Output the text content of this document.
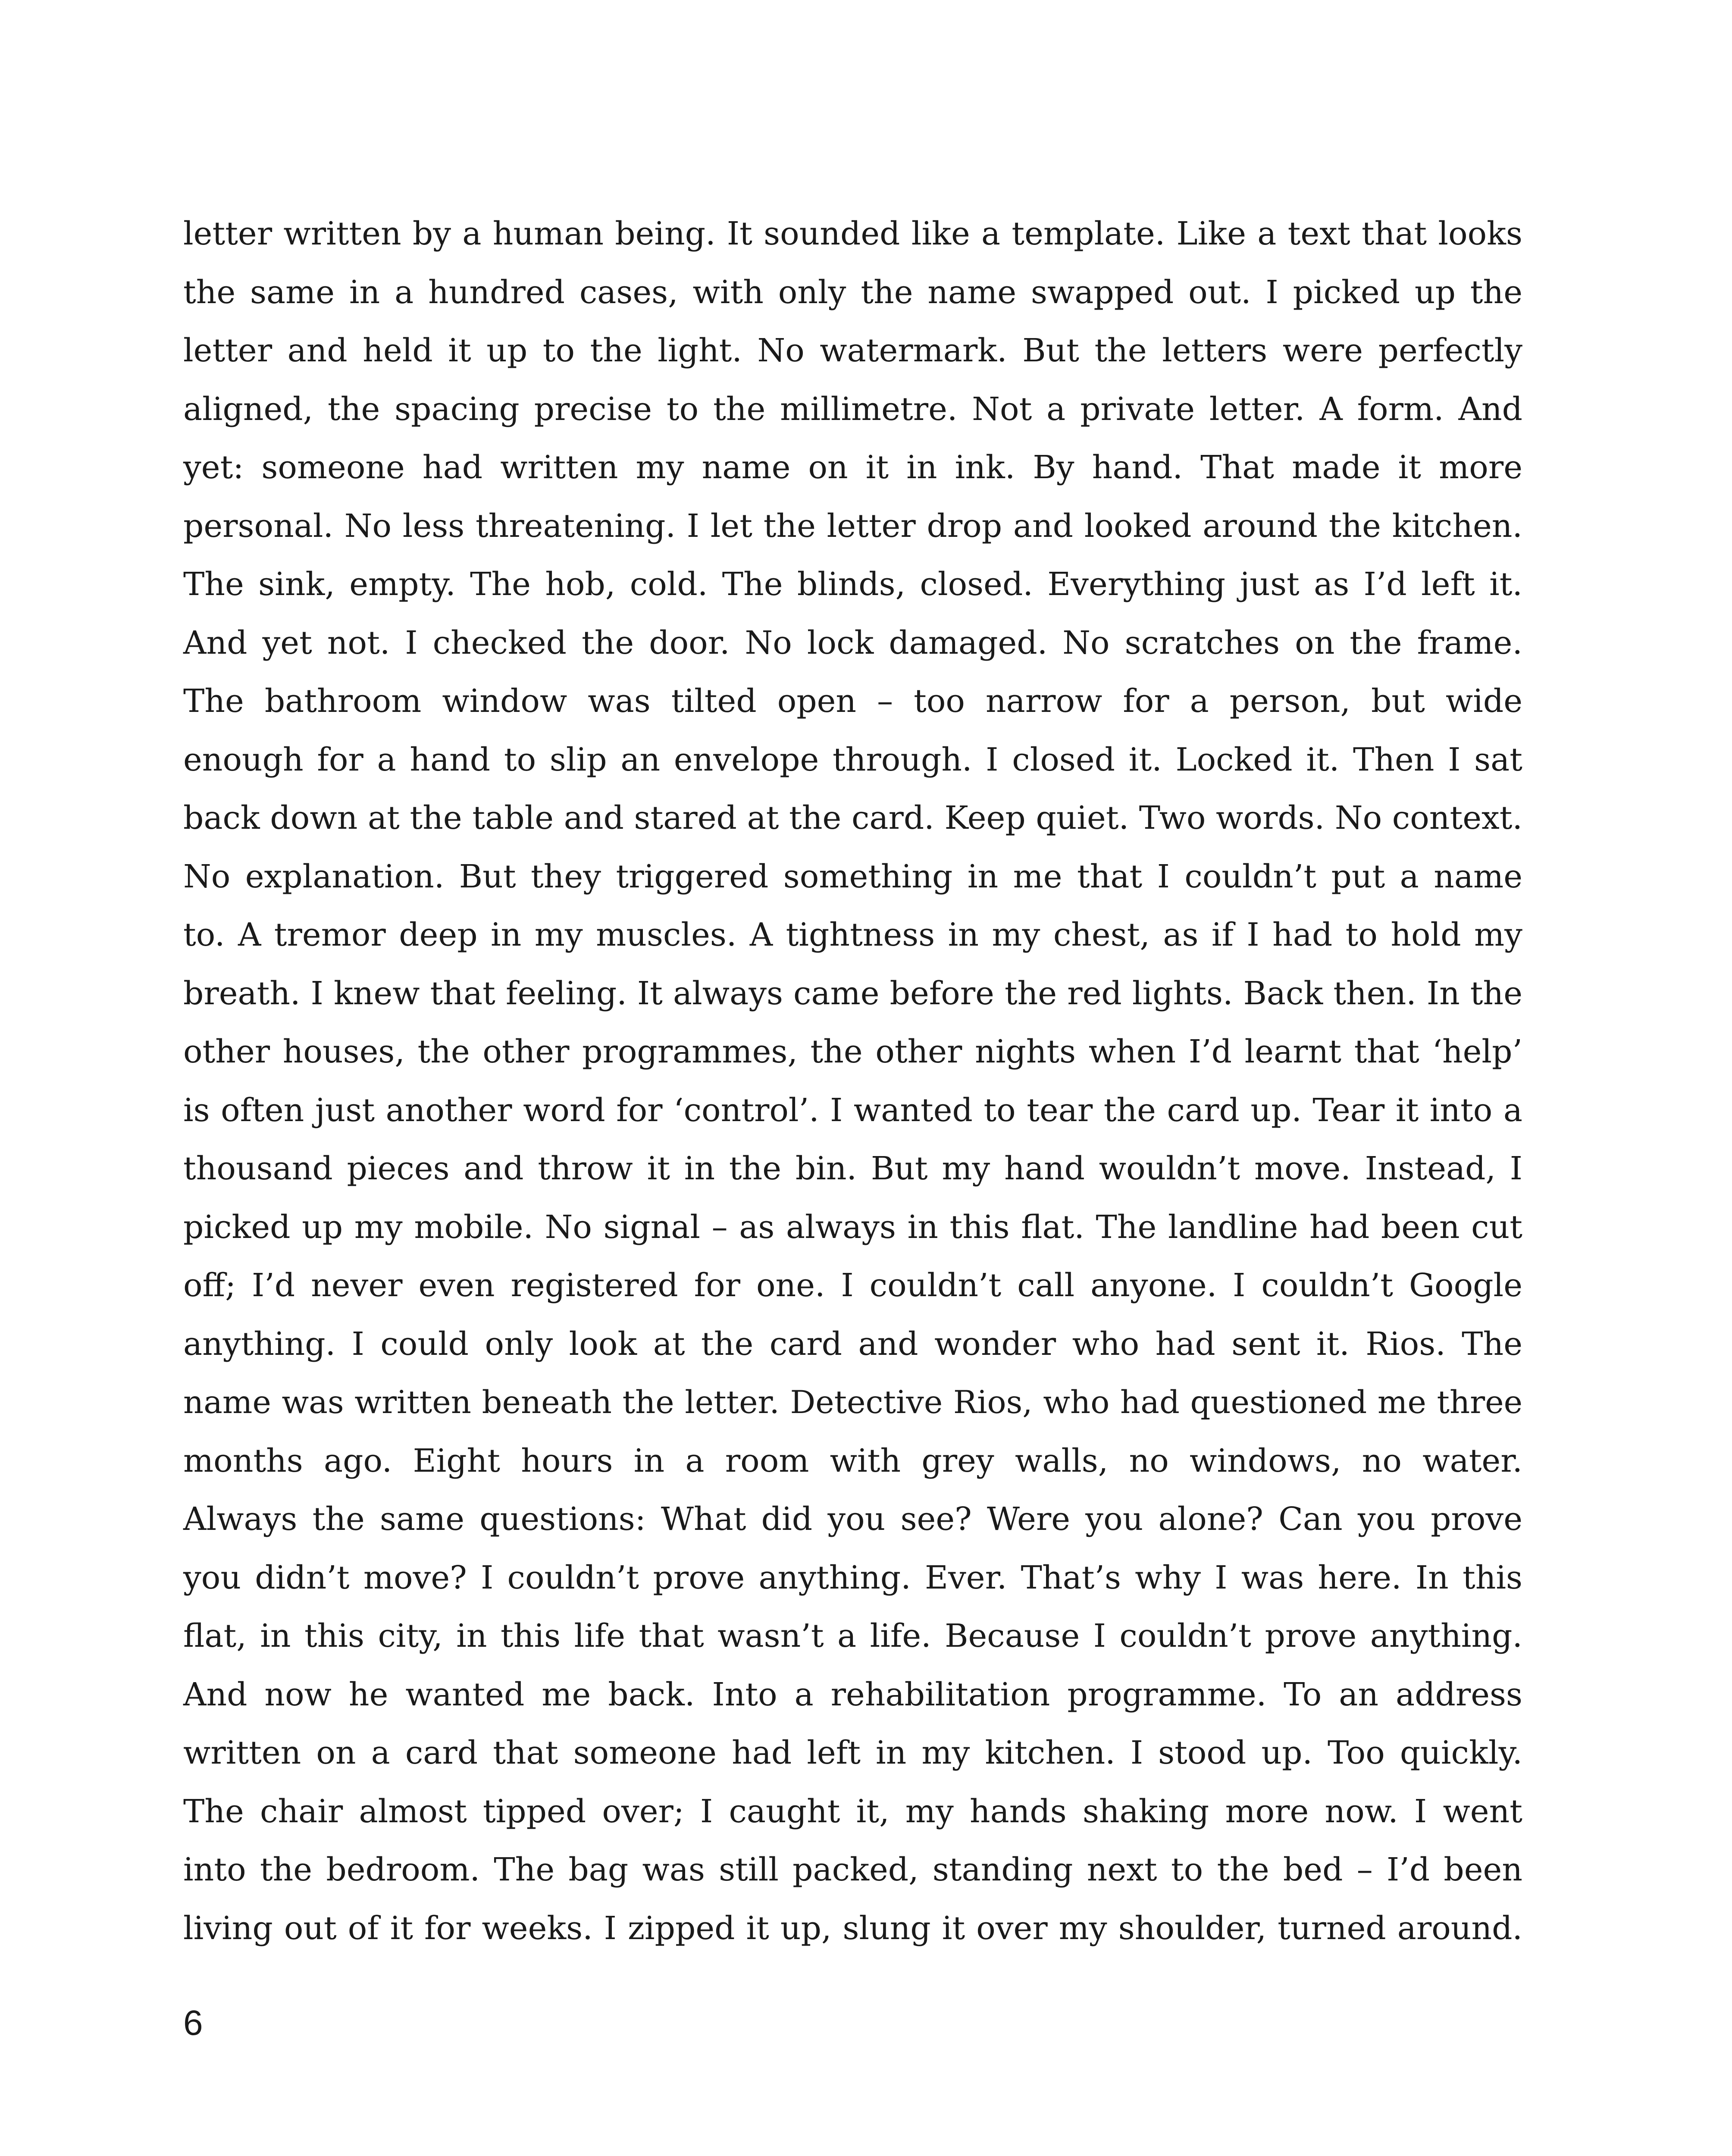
letter written by a human being. It sounded like a template. Like a text that looks
the same in a hundred cases, with only the name swapped out. I picked up the
letter and held it up to the light. No watermark. But the letters were perfectly
aligned, the spacing precise to the millimetre. Not a private letter. A form. And
yet: someone had written my name on it in ink. By hand. That made it more
personal. No less threatening. I let the letter drop and looked around the kitchen.
The sink, empty. The hob, cold. The blinds, closed. Everything just as I’d left it.
And yet not. I checked the door. No lock damaged. No scratches on the frame.
The bathroom window was tilted open – too narrow for a person, but wide
enough for a hand to slip an envelope through. I closed it. Locked it. Then I sat
back down at the table and stared at the card. Keep quiet. Two words. No context.
No explanation. But they triggered something in me that I couldn’t put a name
to. A tremor deep in my muscles. A tightness in my chest, as if I had to hold my
breath. I knew that feeling. It always came before the red lights. Back then. In the
other houses, the other programmes, the other nights when I’d learnt that ‘help’
is often just another word for ‘control’. I wanted to tear the card up. Tear it into a
thousand pieces and throw it in the bin. But my hand wouldn’t move. Instead, I
picked up my mobile. No signal – as always in this flat. The landline had been cut
off; I’d never even registered for one. I couldn’t call anyone. I couldn’t Google
anything. I could only look at the card and wonder who had sent it. Rios. The
name was written beneath the letter. Detective Rios, who had questioned me three
months ago. Eight hours in a room with grey walls, no windows, no water.
Always the same questions: What did you see? Were you alone? Can you prove
you didn’t move? I couldn’t prove anything. Ever. That’s why I was here. In this
flat, in this city, in this life that wasn’t a life. Because I couldn’t prove anything.
And now he wanted me back. Into a rehabilitation programme. To an address
written on a card that someone had left in my kitchen. I stood up. Too quickly.
The chair almost tipped over; I caught it, my hands shaking more now. I went
into the bedroom. The bag was still packed, standing next to the bed – I’d been
living out of it for weeks. I zipped it up, slung it over my shoulder, turned around.
6
